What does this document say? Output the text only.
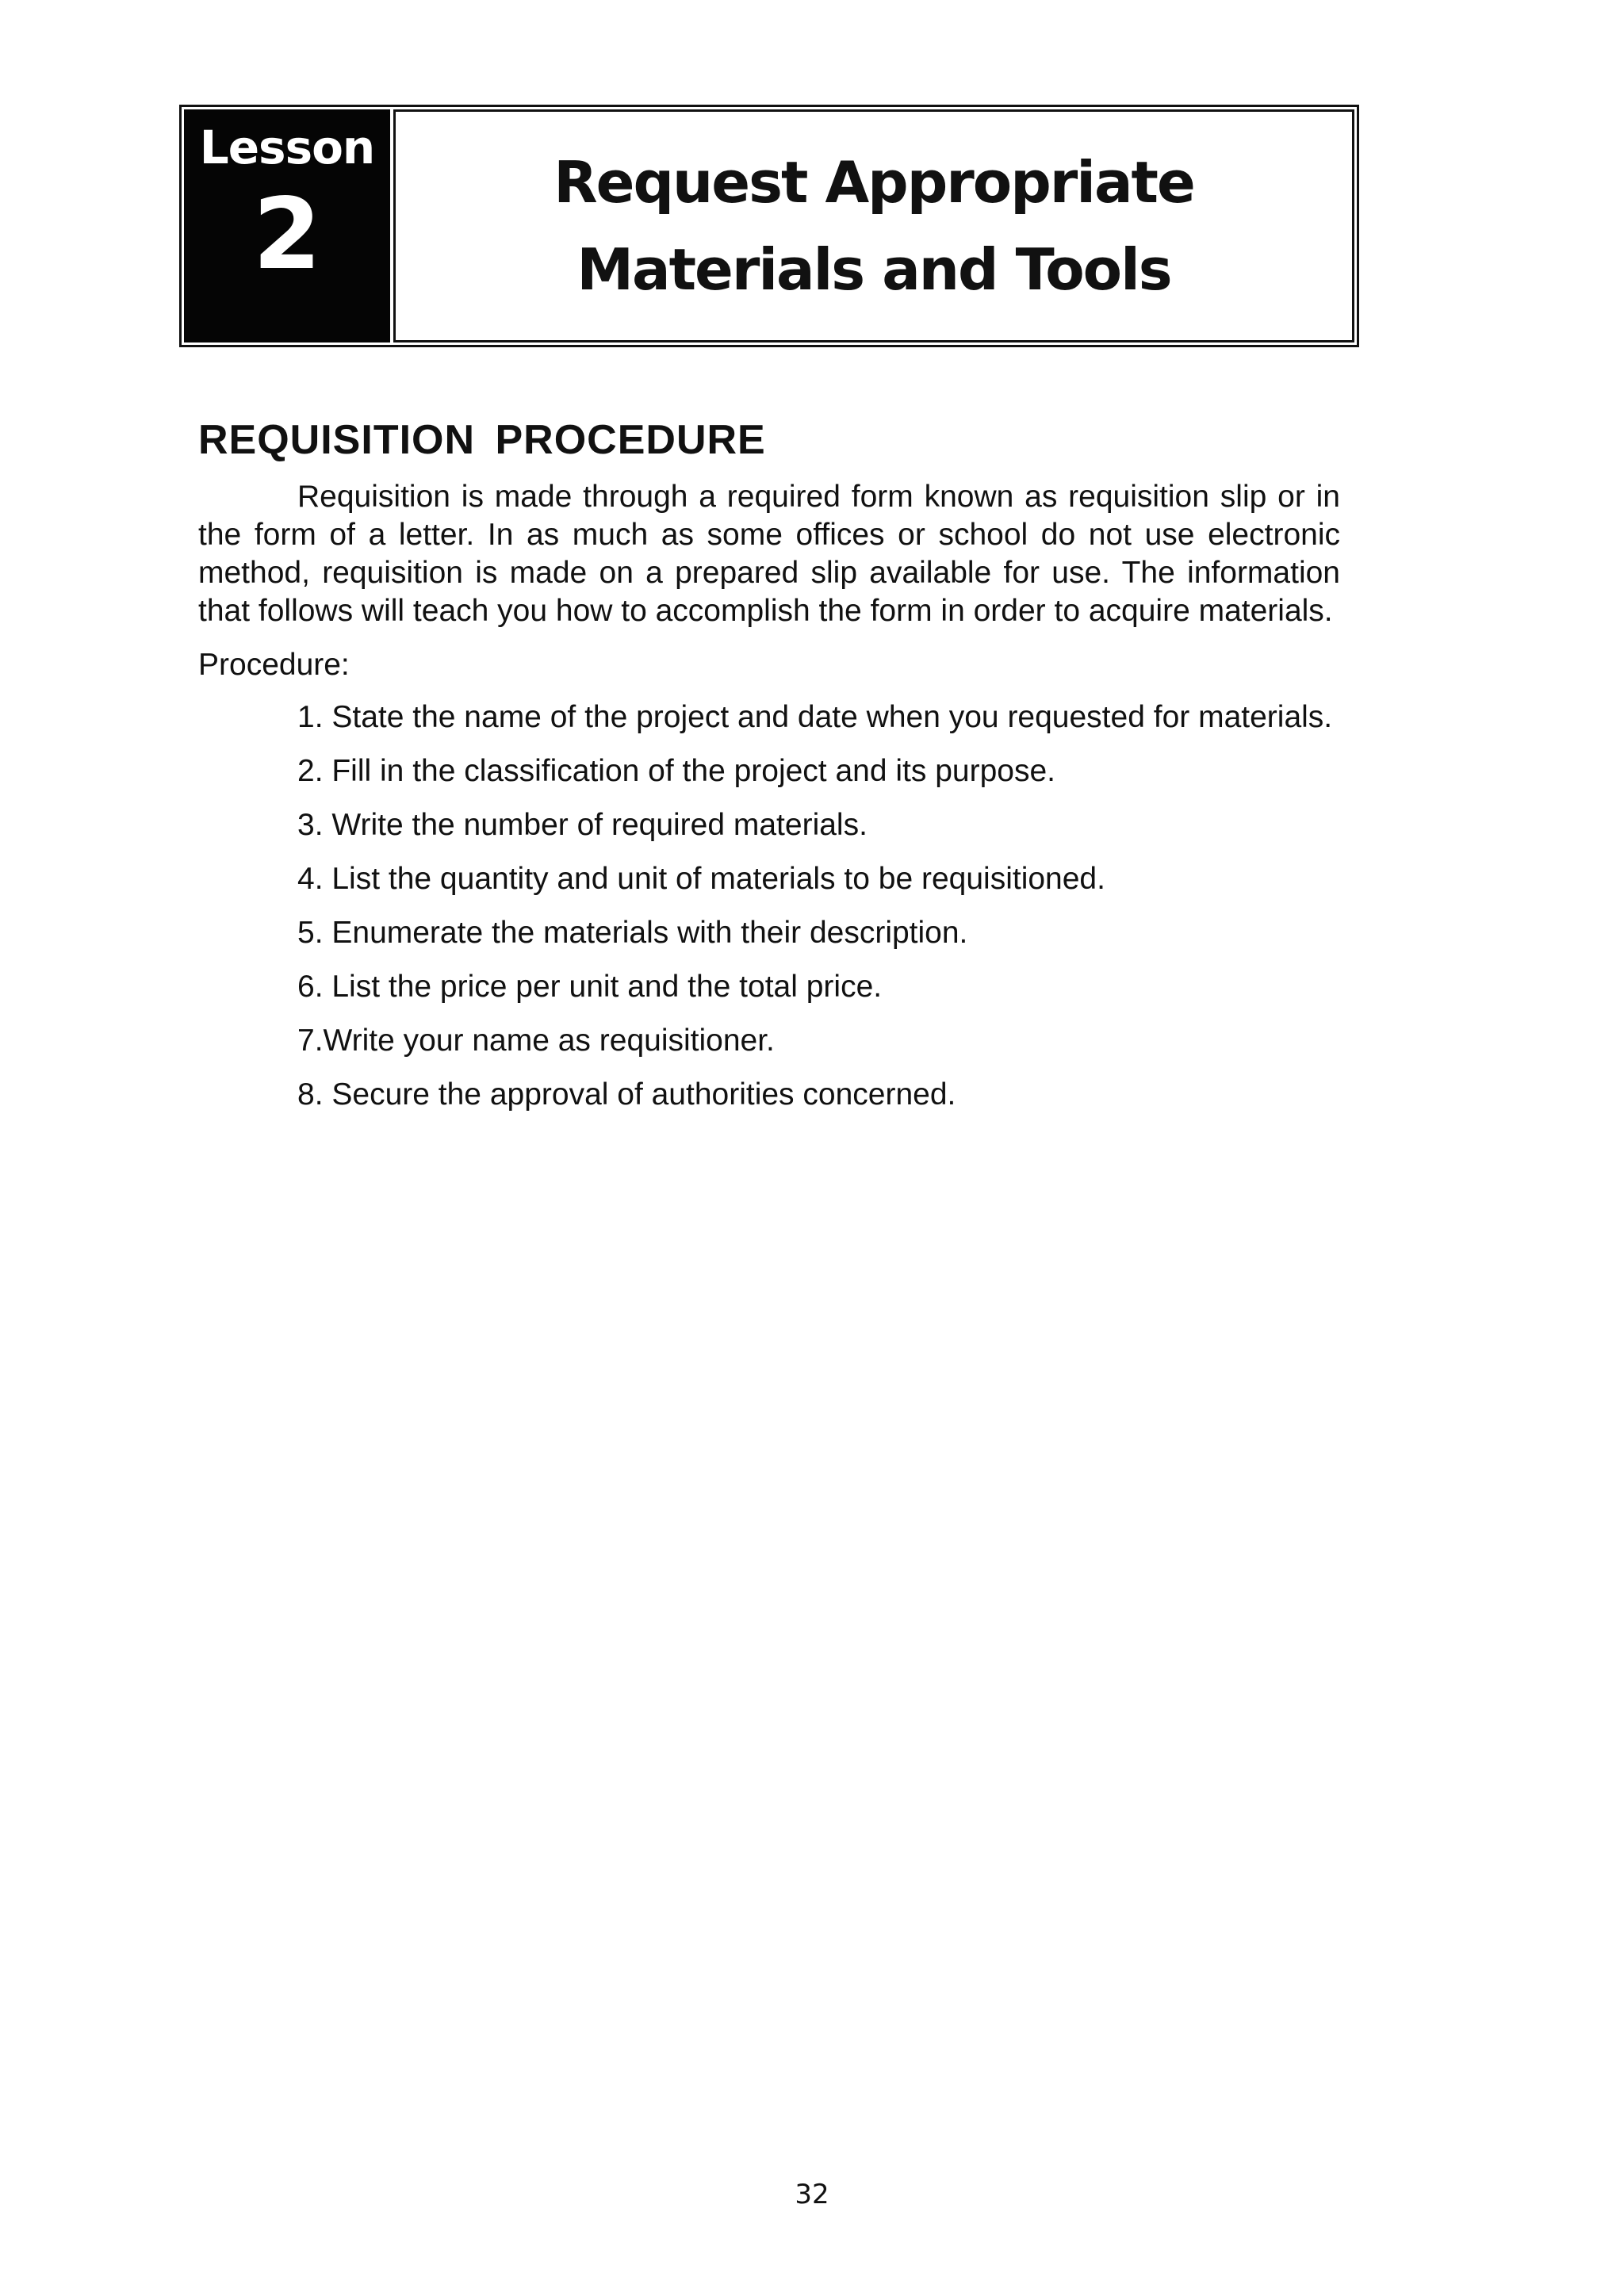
Lesson
2	Request Appropriate Materials and Tools
REQUISITION PROCEDURE

Requisition is made through a required form known as requisition slip or in the form of a letter. In as much as some offices or school do not use electronic method, requisition is made on a prepared slip available for use. The information that follows will teach you how to accomplish the form in order to acquire materials.

Procedure:

1. State the name of the project and date when you requested for materials.
2. Fill in the classification of the project and its purpose.
3. Write the number of required materials.
4. List the quantity and unit of materials to be requisitioned.
5. Enumerate the materials with their description.
6. List the price per unit and the total price.
7.Write your name as requisitioner.
8. Secure the approval of authorities concerned.
32
